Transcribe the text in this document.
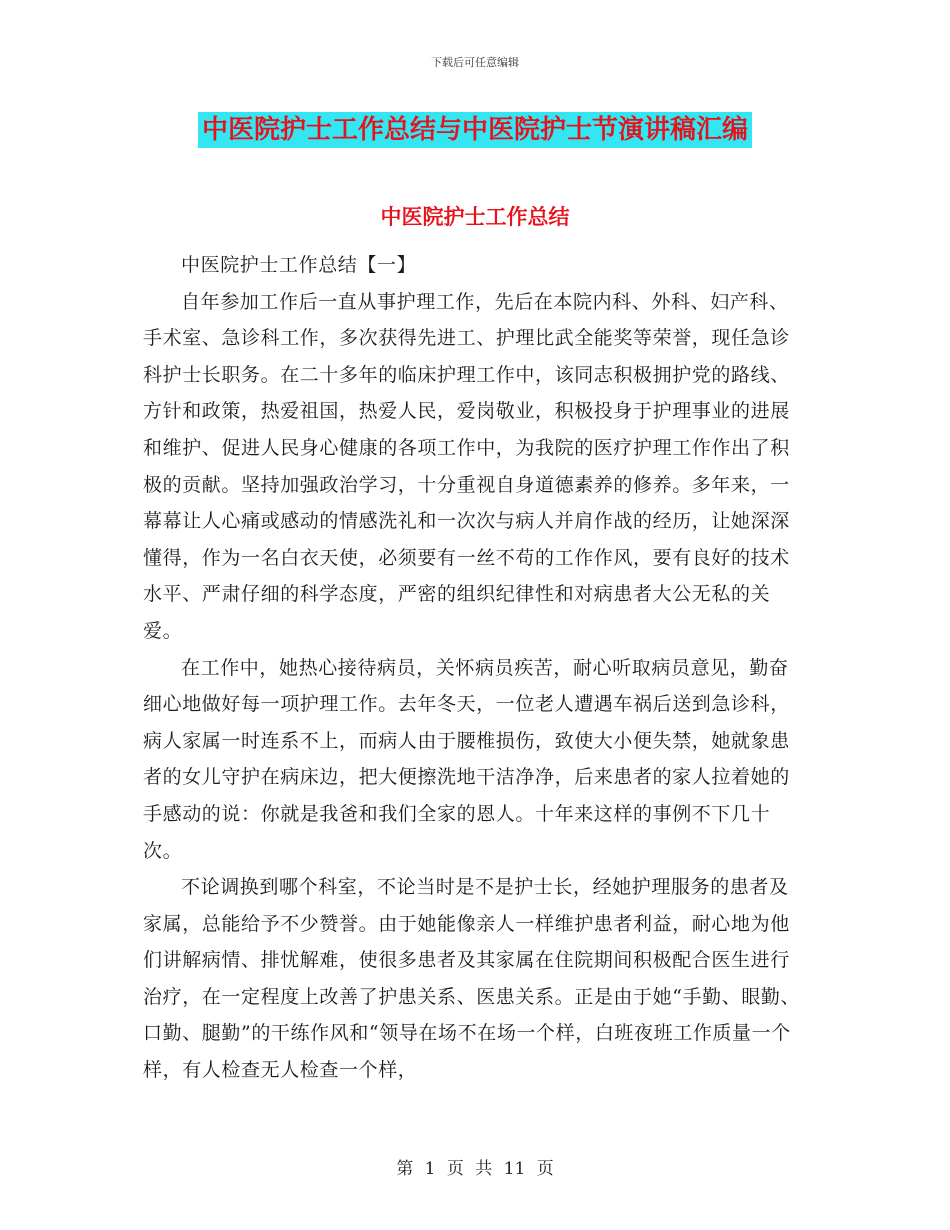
下载后可任意编辑
中医院护士工作总结与中医院护士节演讲稿汇编
中医院护士工作总结

中医院护士工作总结【一】

自年参加工作后一直从事护理工作，先后在本院内科、外科、妇产科、手术室、急诊科工作，多次获得先进工、护理比武全能奖等荣誉，现任急诊科护士长职务。在二十多年的临床护理工作中，该同志积极拥护党的路线、方针和政策，热爱祖国，热爱人民，爱岗敬业，积极投身于护理事业的进展和维护、促进人民身心健康的各项工作中，为我院的医疗护理工作作出了积极的贡献。坚持加强政治学习，十分重视自身道德素养的修养。多年来，一幕幕让人心痛或感动的情感洗礼和一次次与病人并肩作战的经历，让她深深懂得，作为一名白衣天使，必须要有一丝不苟的工作作风，要有良好的技术水平、严肃仔细的科学态度，严密的组织纪律性和对病患者大公无私的关爱。

在工作中，她热心接待病员，关怀病员疾苦，耐心听取病员意见，勤奋细心地做好每一项护理工作。去年冬天，一位老人遭遇车祸后送到急诊科，病人家属一时连系不上，而病人由于腰椎损伤，致使大小便失禁，她就象患者的女儿守护在病床边，把大便擦洗地干洁净净，后来患者的家人拉着她的手感动的说：你就是我爸和我们全家的恩人。十年来这样的事例不下几十次。

不论调换到哪个科室，不论当时是不是护士长，经她护理服务的患者及家属，总能给予不少赞誉。由于她能像亲人一样维护患者利益，耐心地为他们讲解病情、排忧解难，使很多患者及其家属在住院期间积极配合医生进行治疗，在一定程度上改善了护患关系、医患关系。正是由于她“手勤、眼勤、口勤、腿勤”的干练作风和“领导在场不在场一个样，白班夜班工作质量一个样，有人检查无人检查一个样，

第 1 页 共 11 页
